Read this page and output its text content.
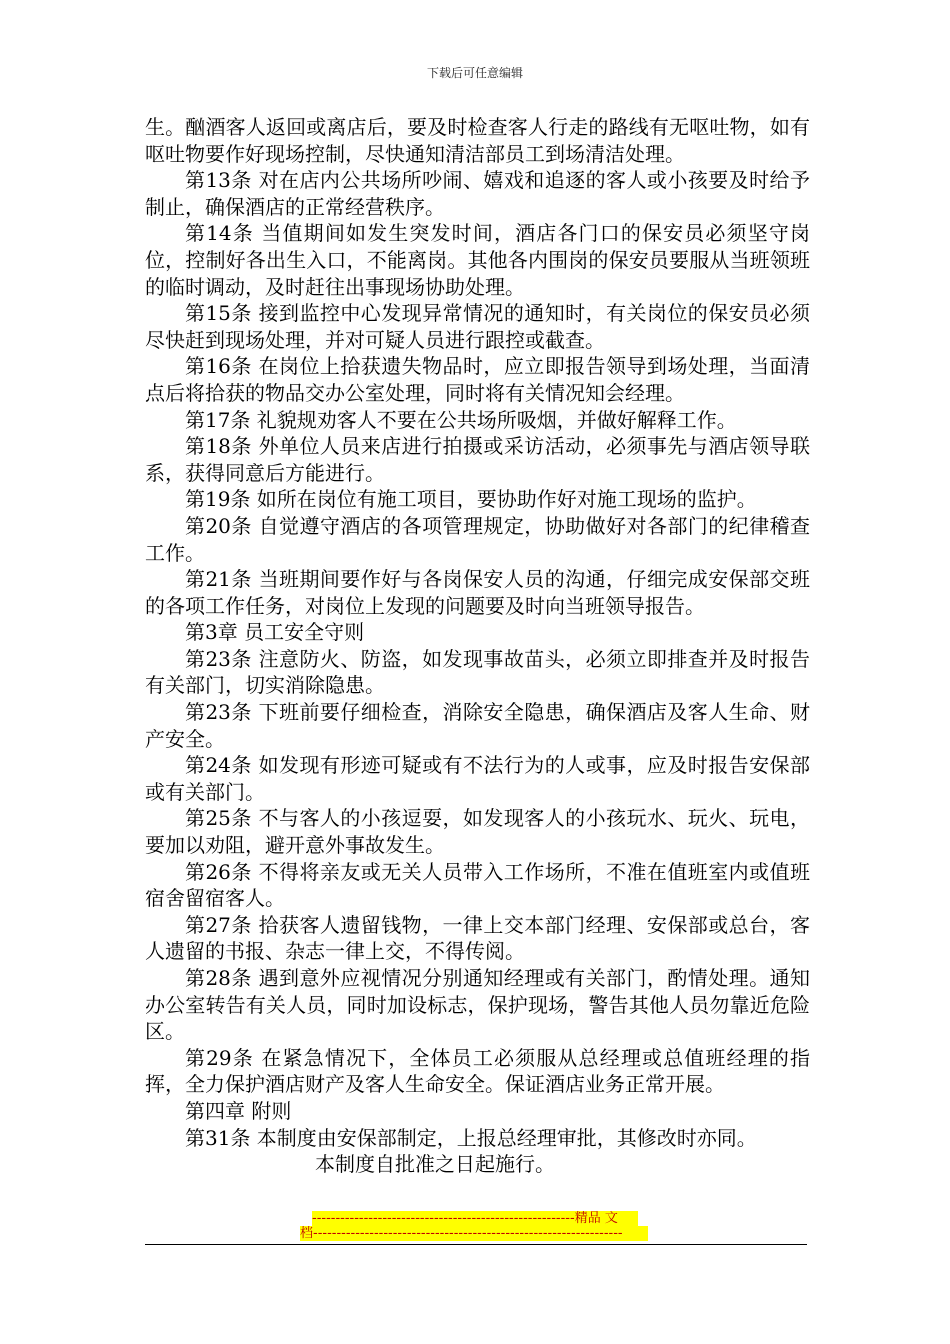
下载后可任意编辑

生。酗酒客人返回或离店后，要及时检查客人行走的路线有无呕吐物，如有呕吐物要作好现场控制，尽快通知清洁部员工到场清洁处理。

第13条 对在店内公共场所吵闹、嬉戏和追逐的客人或小孩要及时给予制止，确保酒店的正常经营秩序。

第14条 当值期间如发生突发时间，酒店各门口的保安员必须坚守岗位，控制好各出生入口，不能离岗。其他各内围岗的保安员要服从当班领班的临时调动，及时赶往出事现场协助处理。

第15条 接到监控中心发现异常情况的通知时，有关岗位的保安员必须尽快赶到现场处理，并对可疑人员进行跟控或截查。

第16条 在岗位上拾获遗失物品时，应立即报告领导到场处理，当面清点后将拾获的物品交办公室处理，同时将有关情况知会经理。

第17条 礼貌规劝客人不要在公共场所吸烟，并做好解释工作。

第18条 外单位人员来店进行拍摄或采访活动，必须事先与酒店领导联系，获得同意后方能进行。

第19条 如所在岗位有施工项目，要协助作好对施工现场的监护。

第20条 自觉遵守酒店的各项管理规定，协助做好对各部门的纪律稽查工作。

第21条 当班期间要作好与各岗保安人员的沟通，仔细完成安保部交班的各项工作任务，对岗位上发现的问题要及时向当班领导报告。

第3章 员工安全守则

第23条 注意防火、防盗，如发现事故苗头，必须立即排查并及时报告有关部门，切实消除隐患。

第23条 下班前要仔细检查，消除安全隐患，确保酒店及客人生命、财产安全。

第24条 如发现有形迹可疑或有不法行为的人或事，应及时报告安保部或有关部门。

第25条 不与客人的小孩逗耍，如发现客人的小孩玩水、玩火、玩电，要加以劝阻，避开意外事故发生。

第26条 不得将亲友或无关人员带入工作场所，不准在值班室内或值班宿舍留宿客人。

第27条 拾获客人遗留钱物，一律上交本部门经理、安保部或总台，客人遗留的书报、杂志一律上交，不得传阅。

第28条 遇到意外应视情况分别通知经理或有关部门，酌情处理。通知办公室转告有关人员，同时加设标志，保护现场，警告其他人员勿靠近危险区。

第29条 在紧急情况下，全体员工必须服从总经理或总值班经理的指挥，全力保护酒店财产及客人生命安全。保证酒店业务正常开展。

第四章 附则

第31条 本制度由安保部制定，上报总经理审批，其修改时亦同。

本制度自批准之日起施行。

--------------------------------------------------------精品 文
档------------------------------------------------------------------
